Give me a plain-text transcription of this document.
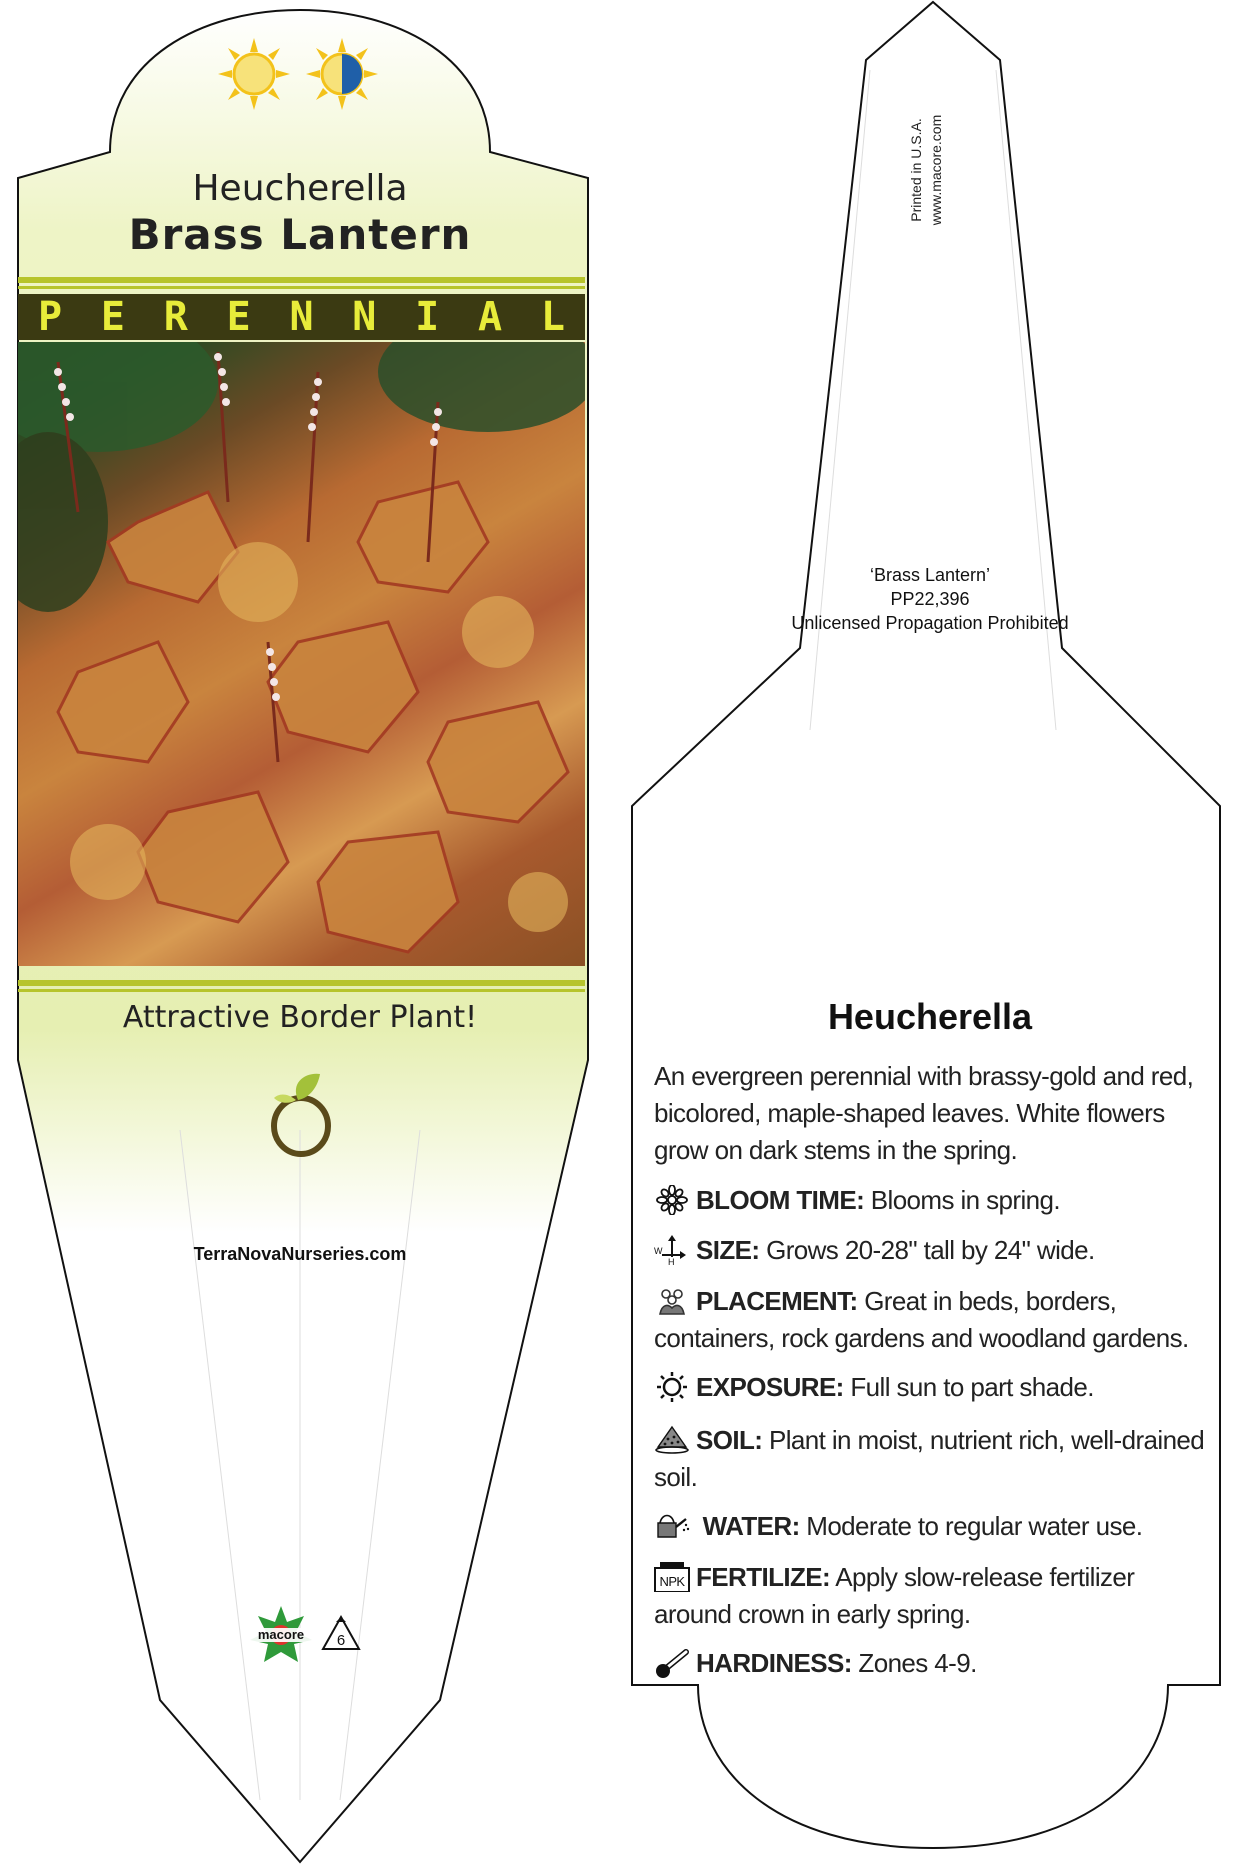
Heucherella
Brass Lantern
P E R E N N I A L
Attractive Border Plant!
TerraNovaNurseries.com
macore 6
Printed in U.S.A. www.macore.com
‘Brass Lantern’
PP22,396
Unlicensed Propagation Prohibited
Heucherella
An evergreen perennial with brassy-gold and red, bicolored, maple-shaped leaves. White flowers grow on dark stems in the spring.
BLOOM TIME: Blooms in spring.
W
H SIZE: Grows 20-28" tall by 24" wide.
PLACEMENT: Great in beds, borders, containers, rock gardens and woodland gardens.
EXPOSURE: Full sun to part shade.
SOIL: Plant in moist, nutrient rich, well-drained soil.
WATER: Moderate to regular water use.
NPK FERTILIZE: Apply slow-release fertilizer around crown in early spring.
HARDINESS: Zones 4-9.
